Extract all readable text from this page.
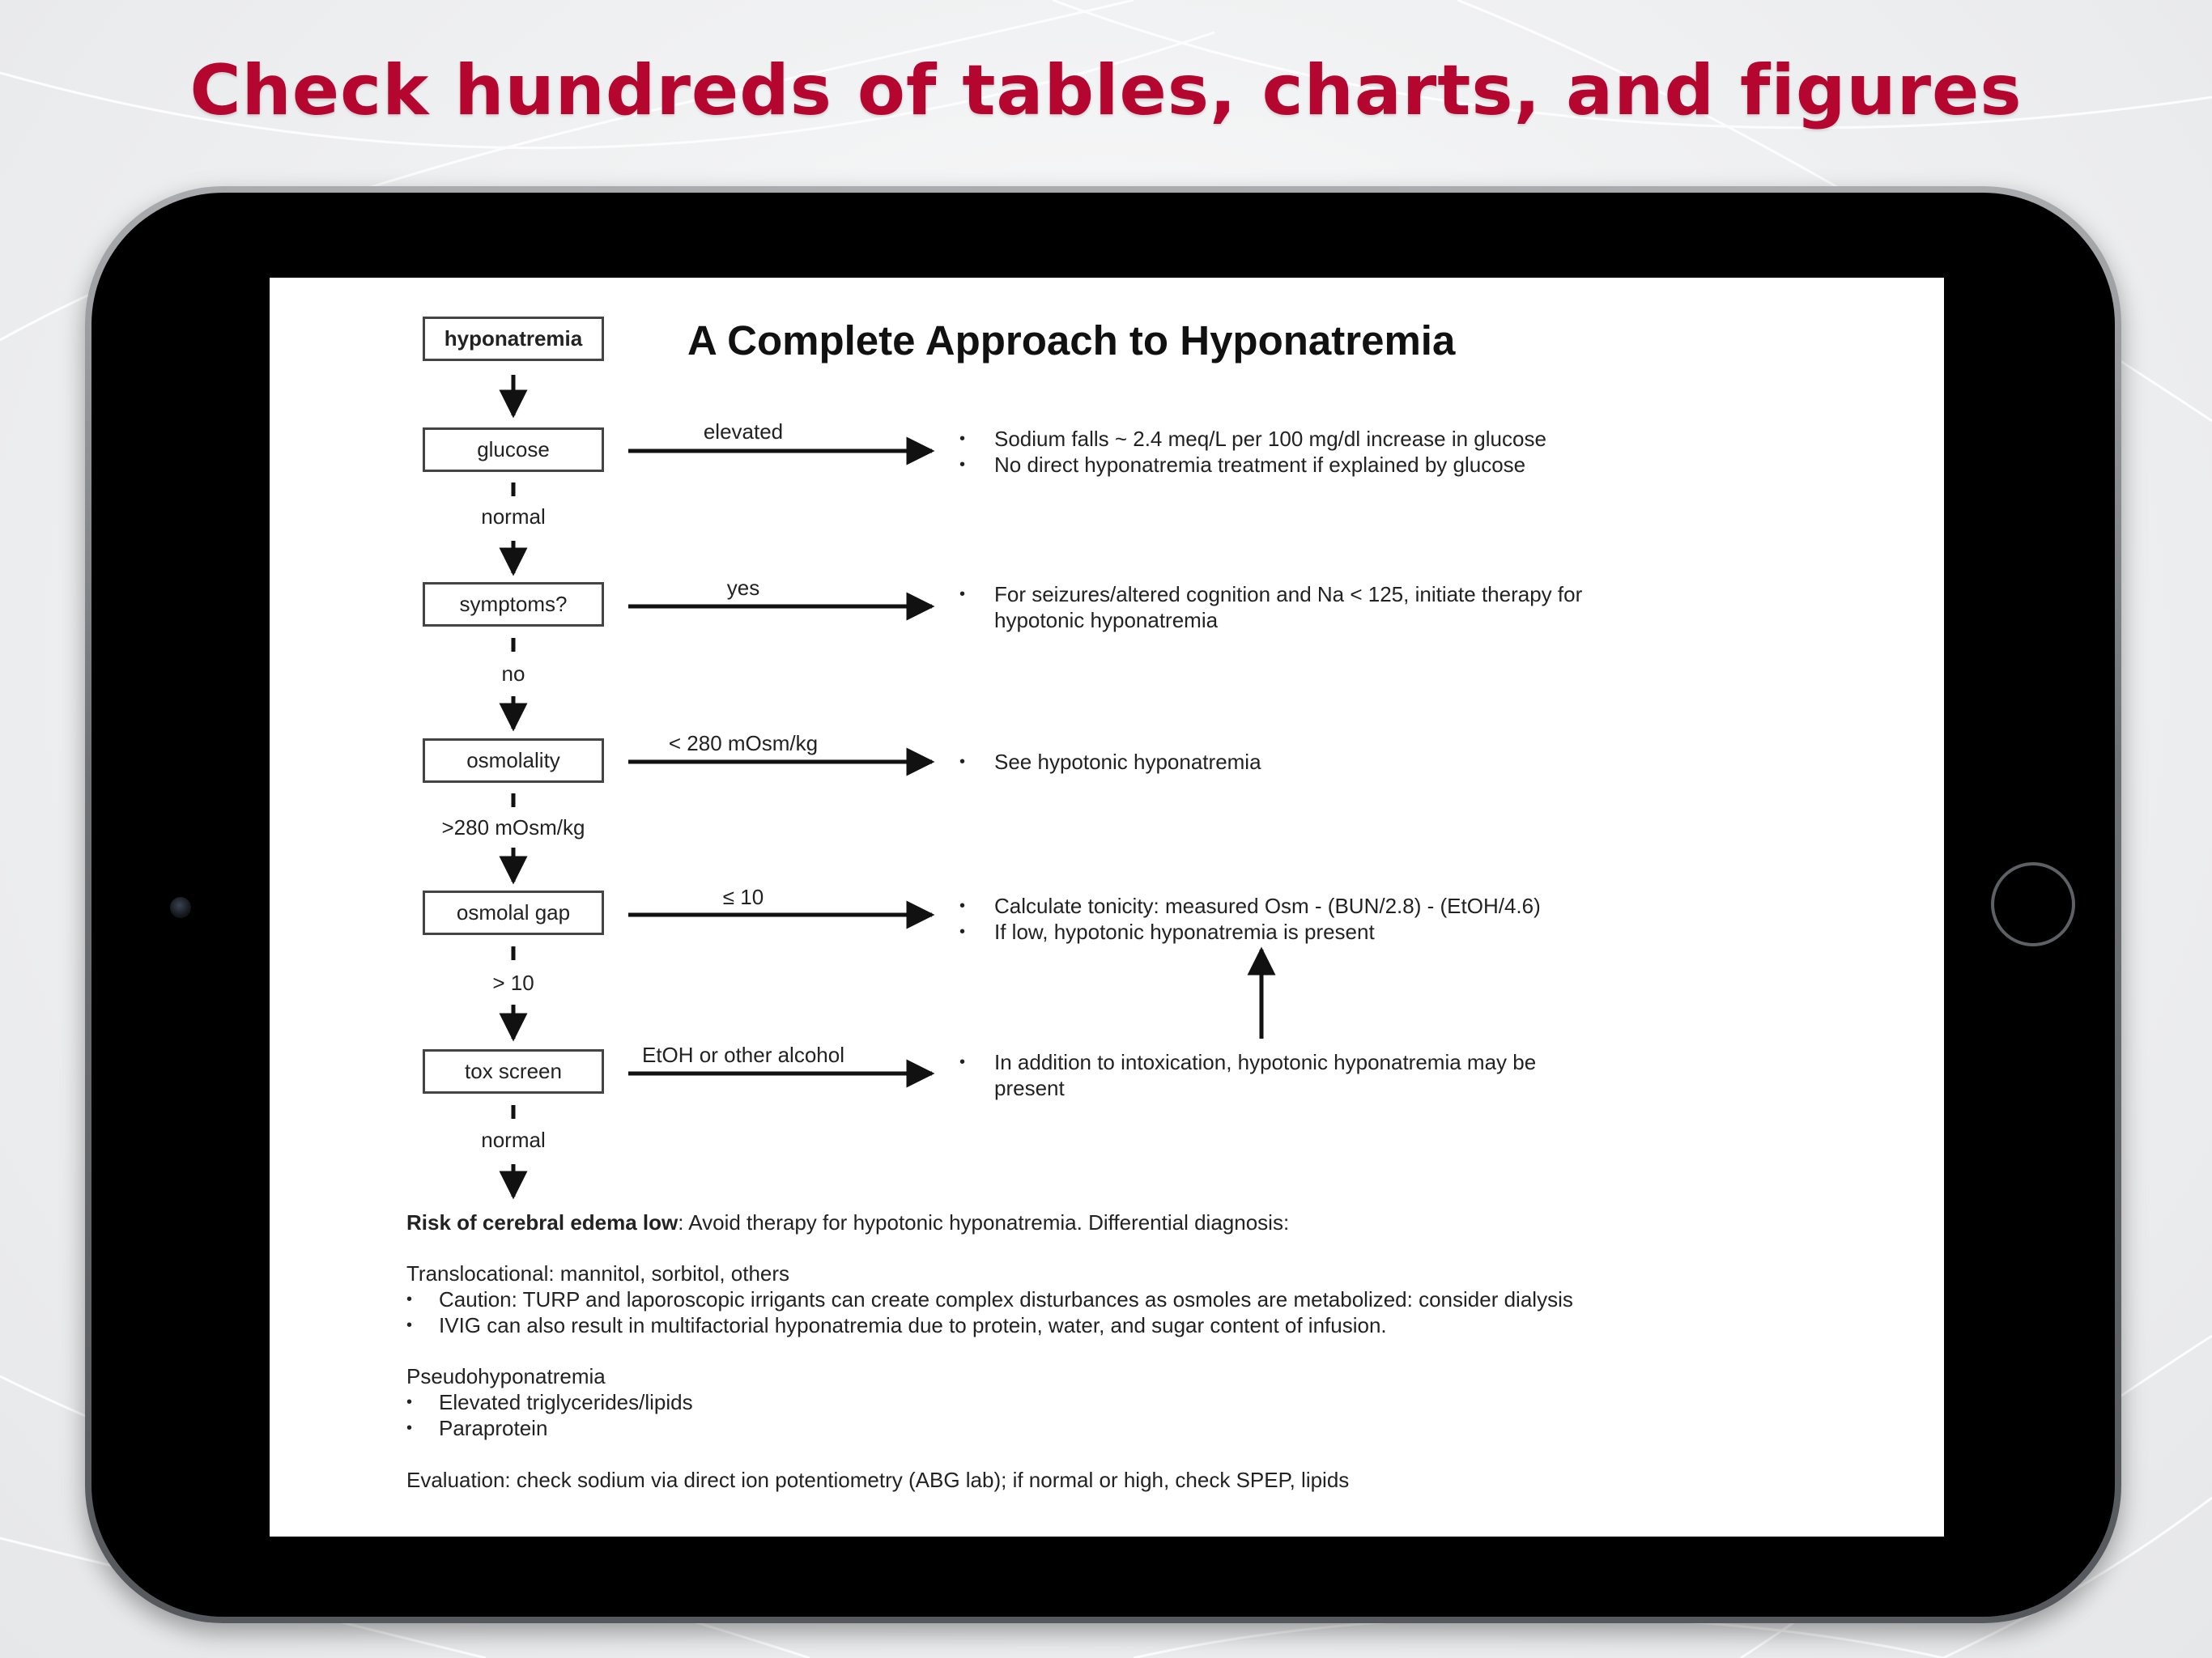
Check hundreds of tables, charts, and figures
A Complete Approach to Hyponatremia
hyponatremia
glucose
symptoms?
osmolality
osmolal gap
tox screen
normal
no
>280 mOsm/kg
> 10
normal
elevated
yes
< 280 mOsm/kg
≤ 10
EtOH or other alcohol
• Sodium falls ~ 2.4 meq/L per 100 mg/dl increase in glucose
• No direct hyponatremia treatment if explained by glucose
• For seizures/altered cognition and Na < 125, initiate therapy for hypotonic hyponatremia
• See hypotonic hyponatremia
• Calculate tonicity: measured Osm - (BUN/2.8) - (EtOH/4.6)
• If low, hypotonic hyponatremia is present
• In addition to intoxication, hypotonic hyponatremia may be present
Risk of cerebral edema low: Avoid therapy for hypotonic hyponatremia. Differential diagnosis:
Translocational: mannitol, sorbitol, others
• Caution: TURP and laporoscopic irrigants can create complex disturbances as osmoles are metabolized: consider dialysis
• IVIG can also result in multifactorial hyponatremia due to protein, water, and sugar content of infusion.
Pseudohyponatremia
• Elevated triglycerides/lipids
• Paraprotein
Evaluation: check sodium via direct ion potentiometry (ABG lab); if normal or high, check SPEP, lipids
